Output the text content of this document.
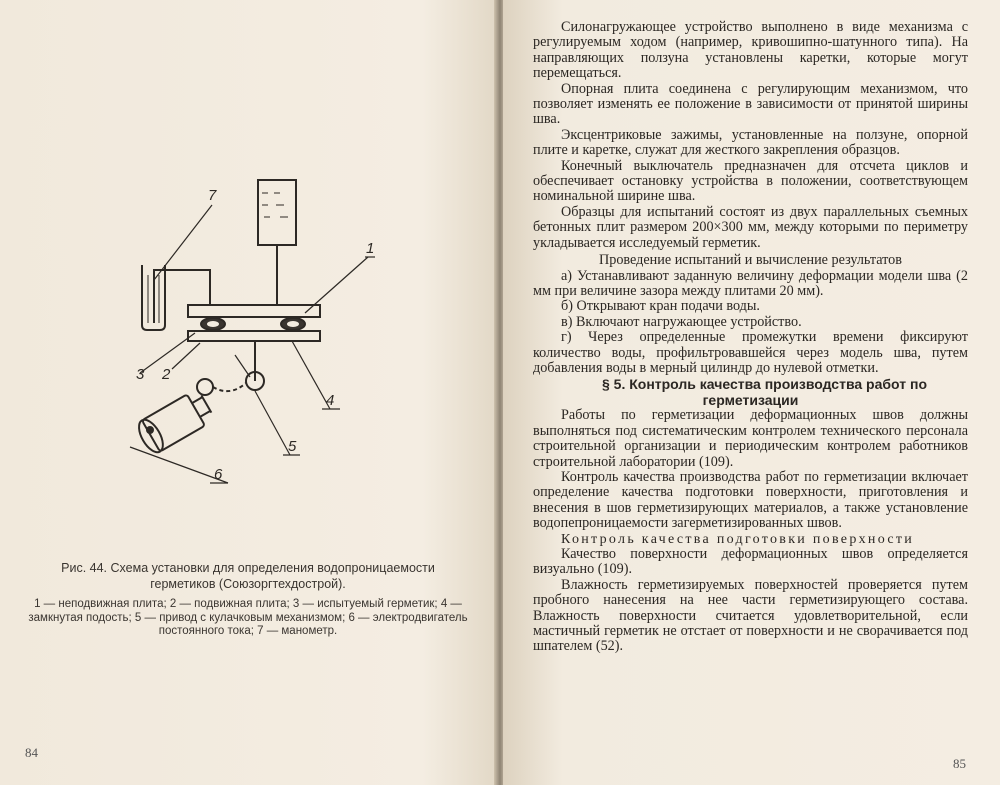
7
1
3 2
4
5
6
Рис. 44. Схема установки для определения водопроницаемости герметиков (Союзоргтехдострой).
1 — неподвижная плита; 2 — подвижная плита; 3 — испытуемый герметик; 4 — замкнутая подость; 5 — привод с кулачковым механизмом; 6 — электродвигатель постоянного тока; 7 — манометр.
84

Силонагружающее устройство выполнено в виде механизма с регулируемым ходом (например, кривошипно-шатунного типа). На направляющих ползуна установлены каретки, которые могут перемещаться.

Опорная плита соединена с регулирующим механизмом, что позволяет изменять ее положение в зависимости от принятой ширины шва.

Эксцентриковые зажимы, установленные на ползуне, опорной плите и каретке, служат для жесткого закрепления образцов.

Конечный выключатель предназначен для отсчета циклов и обеспечивает остановку устройства в положении, соответствующем номинальной ширине шва.

Образцы для испытаний состоят из двух параллельных съемных бетонных плит размером 200×300 мм, между которыми по периметру укладывается исследуемый герметик.

Проведение испытаний и вычисление результатов

а) Устанавливают заданную величину деформации модели шва (2 мм при величине зазора между плитами 20 мм).

б) Открывают кран подачи воды.

в) Включают нагружающее устройство.

г) Через определенные промежутки времени фиксируют количество воды, профильтровавшейся через модель шва, путем добавления воды в мерный цилиндр до нулевой отметки.

§ 5. Контроль качества производства работ по герметизации

Работы по герметизации деформационных швов должны выполняться под систематическим контролем технического персонала строительной организации и периодическим контролем работников строительной лаборатории (109).

Контроль качества производства работ по герметизации включает определение качества подготовки поверхности, приготовления и внесения в шов герметизирующих материалов, а также установление водопепроницаемости загерметизированных швов.

Контроль качества подготовки поверхности

Качество поверхности деформационных швов определяется визуально (109).

Влажность герметизируемых поверхностей проверяется путем пробного нанесения на нее части герметизирующего состава. Влажность поверхности считается удовлетворительной, если мастичный герметик не отстает от поверхности и не сворачивается под шпателем (52).

85
